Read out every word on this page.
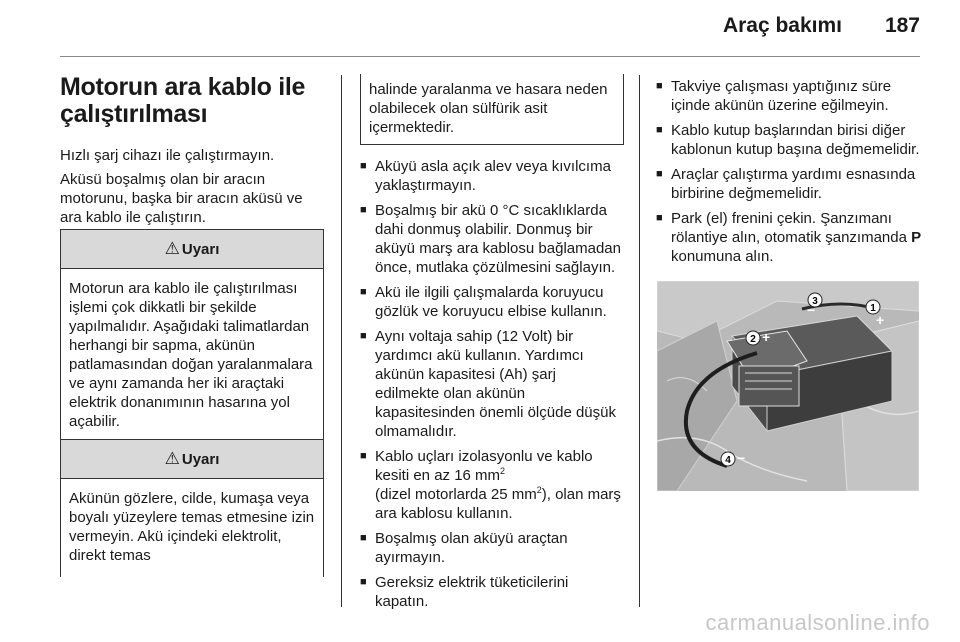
Araç bakımı 187
Motorun ara kablo ile
çalıştırılması

Hızlı şarj cihazı ile çalıştırmayın.

Aküsü boşalmış olan bir aracın motorunu, başka bir aracın aküsü ve ara kablo ile çalıştırın.

⚠ Uyarı
Motorun ara kablo ile çalıştırılması işlemi çok dikkatli bir şekilde yapılmalıdır. Aşağıdaki talimatlardan herhangi bir sapma, akünün patlamasından doğan yaralanmalara ve aynı zamanda her iki araçtaki elektrik donanımının hasarına yol açabilir.
⚠ Uyarı
Akünün gözlere, cilde, kumaşa veya boyalı yüzeylere temas etmesine izin vermeyin. Akü içindeki elektrolit, direkt temas
halinde yaralanma ve hasara neden olabilecek olan sülfürik asit içermektedir.
■ Aküyü asla açık alev veya kıvılcıma yaklaştırmayın.
■ Boşalmış bir akü 0 °C sıcaklıklarda dahi donmuş olabilir. Donmuş bir aküyü marş ara kablosu bağlamadan önce, mutlaka çözülmesini sağlayın.
■ Akü ile ilgili çalışmalarda koruyucu gözlük ve koruyucu elbise kullanın.
■ Aynı voltaja sahip (12 Volt) bir yardımcı akü kullanın. Yardımcı akünün kapasitesi (Ah) şarj edilmekte olan akünün kapasitesinden önemli ölçüde düşük olmamalıdır.
■ Kablo uçları izolasyonlu ve kablo kesiti en az 16 $mm^2$
(dizel motorlarda 25 $mm^2$), olan marş ara kablosu kullanın.
■ Boşalmış olan aküyü araçtan ayırmayın.
■ Gereksiz elektrik tüketicilerini kapatın.
■ Takviye çalışması yaptığınız süre içinde akünün üzerine eğilmeyin.
■ Kablo kutup başlarından birisi diğer kablonun kutup başına değmemelidir.
■ Araçlar çalıştırma yardımı esnasında birbirine değmemelidir.
■ Park (el) frenini çekin. Şanzımanı rölantiye alın, otomatik şanzımanda P konumuna alın.
3
−	1
+
2 +
4 −
carmanualsonline.info
